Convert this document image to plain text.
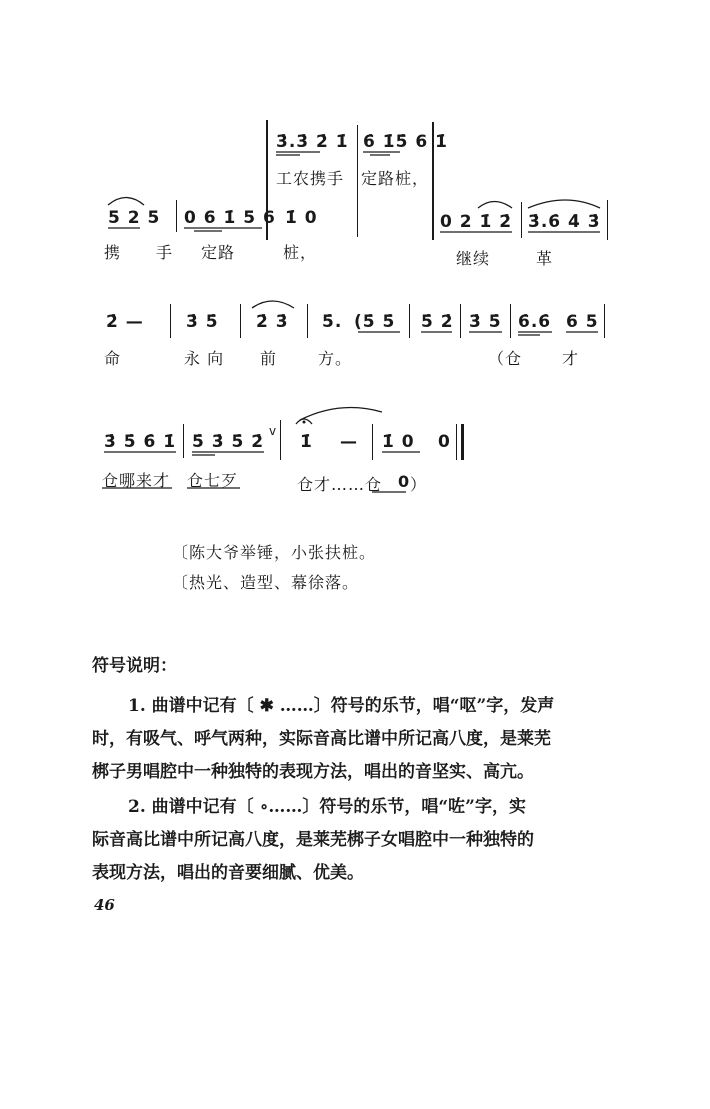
3̇.3̇ 2̇ 1̇ 6̇ 1̇5̇ 6 1̇
工农携手 定路桩，
5 2 5 0 6 1̇ 5 6 1̇ 0	0 2 1̇ 2̇ 3̇.6̇ 4̇ 3̇
携 手 定路	桩，	继续	革
2̇ — 3̇ 5̇ 2̇ 3̇ 5̇. (5̇ 5̇ 5̇ 2̇ 3̇ 5̇ 6̇.6̇ 6 5
命	永 向 前	方。	（仓 才
3̇ 5̇ 6̇ 1̇ 5̇ 3̇ 5̇ 2̇
v
1̇ — 1̇ 0 0
仓哪来才 仓七歹	仓才……仓 0 ）
〔陈大爷举锤，小张扶桩。
〔热光、造型、幕徐落。
符号说明：
1. 曲谱中记有〔 ✱ ……〕符号的乐节，唱“呕”字，发声
时，有吸气、呼气两种，实际音高比谱中所记高八度，是莱芜
梆子男唱腔中一种独特的表现方法，唱出的音坚实、高亢。
2. 曲谱中记有〔 ∘……〕符号的乐节，唱“咗”字，实
际音高比谱中所记高八度，是莱芜梆子女唱腔中一种独特的
表现方法，唱出的音要细腻、优美。
46
